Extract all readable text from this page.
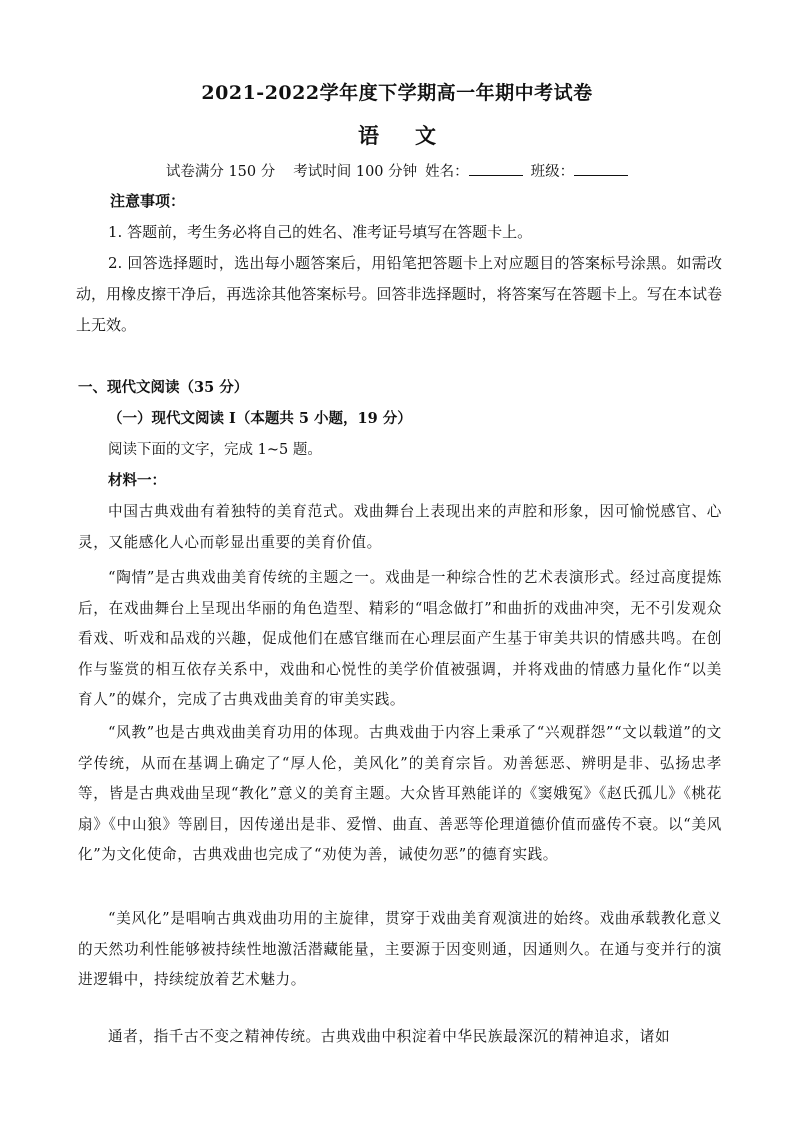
2021-2022学年度下学期高一年期中考试卷
语 文
试卷满分 150 分 考试时间 100 分钟 姓名：	班级：
注意事项：
1. 答题前，考生务必将自己的姓名、准考证号填写在答题卡上。
2. 回答选择题时，选出每小题答案后，用铅笔把答题卡上对应题目的答案标号涂黑。如需改动，用橡皮擦干净后，再选涂其他答案标号。回答非选择题时，将答案写在答题卡上。写在本试卷上无效。
一、现代文阅读（35 分）
（一）现代文阅读 I（本题共 5 小题，19 分）
阅读下面的文字，完成 1~5 题。
材料一：
中国古典戏曲有着独特的美育范式。戏曲舞台上表现出来的声腔和形象，因可愉悦感官、心灵，又能感化人心而彰显出重要的美育价值。
“陶情”是古典戏曲美育传统的主题之一。戏曲是一种综合性的艺术表演形式。经过高度提炼后，在戏曲舞台上呈现出华丽的角色造型、精彩的“唱念做打”和曲折的戏曲冲突，无不引发观众看戏、听戏和品戏的兴趣，促成他们在感官继而在心理层面产生基于审美共识的情感共鸣。在创作与鉴赏的相互依存关系中，戏曲和心悦性的美学价值被强调，并将戏曲的情感力量化作“以美育人”的媒介，完成了古典戏曲美育的审美实践。
“风教”也是古典戏曲美育功用的体现。古典戏曲于内容上秉承了“兴观群怨”“文以载道”的文学传统，从而在基调上确定了“厚人伦，美风化”的美育宗旨。劝善惩恶、辨明是非、弘扬忠孝等，皆是古典戏曲呈现“教化”意义的美育主题。大众皆耳熟能详的《窦娥冤》《赵氏孤儿》《桃花扇》《中山狼》等剧目，因传递出是非、爱憎、曲直、善恶等伦理道德价值而盛传不衰。以“美风化”为文化使命，古典戏曲也完成了“劝使为善，诫使勿恶”的德育实践。
“美风化”是唱响古典戏曲功用的主旋律，贯穿于戏曲美育观演进的始终。戏曲承载教化意义的天然功利性能够被持续性地激活潜藏能量，主要源于因变则通，因通则久。在通与变并行的演进逻辑中，持续绽放着艺术魅力。
通者，指千古不变之精神传统。古典戏曲中积淀着中华民族最深沉的精神追求，诸如
